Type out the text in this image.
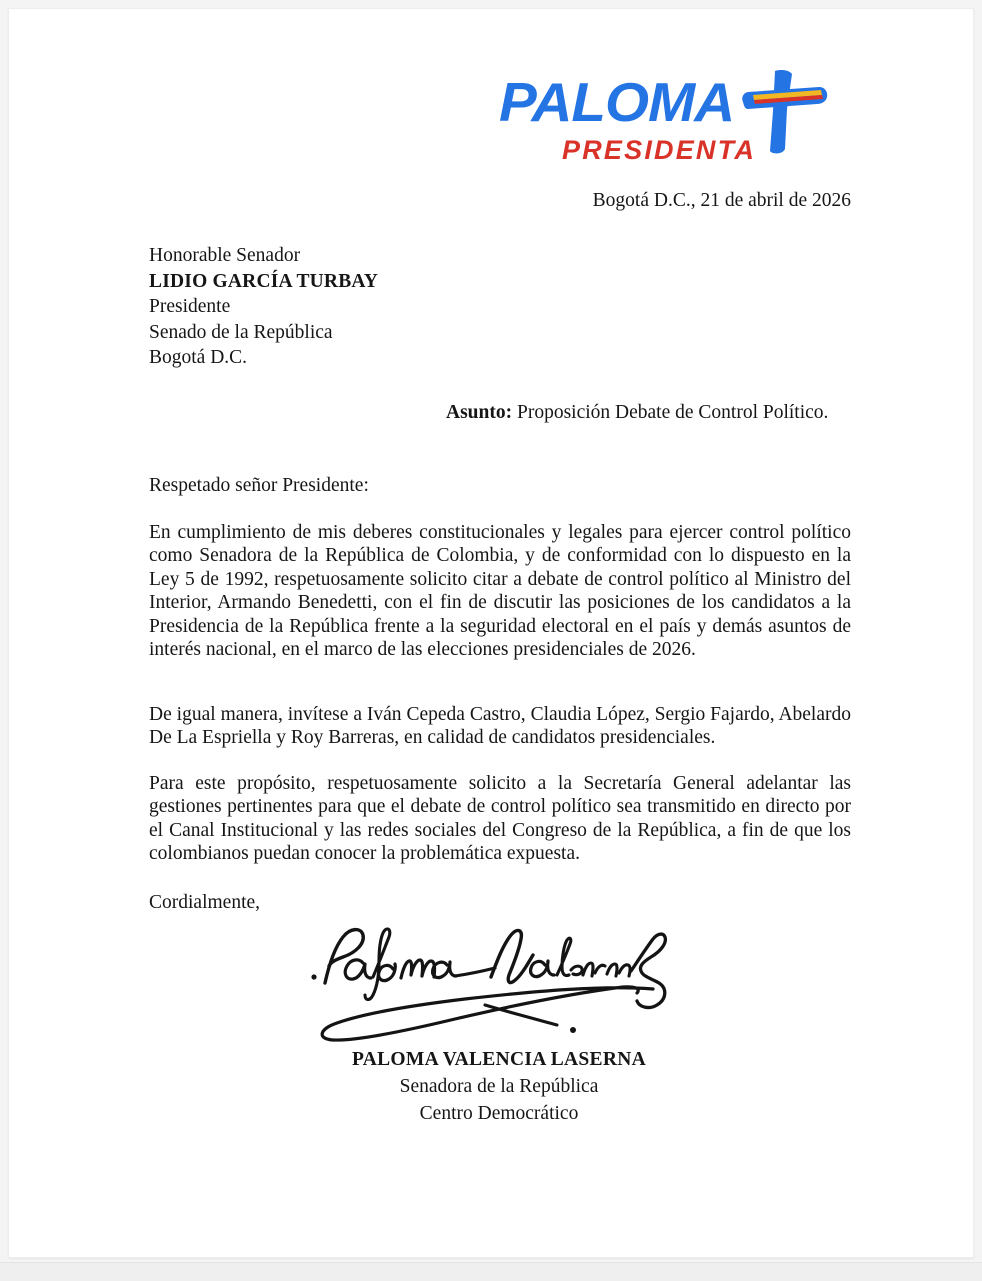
PALOMA
PRESIDENTA
Bogotá D.C., 21 de abril de 2026
Honorable Senador
LIDIO GARCÍA TURBAY
Presidente
Senado de la República
Bogotá D.C.
Asunto: Proposición Debate de Control Político.
Respetado señor Presidente:
En cumplimiento de mis deberes constitucionales y legales para ejercer control político como Senadora de la República de Colombia, y de conformidad con lo dispuesto en la Ley 5 de 1992, respetuosamente solicito citar a debate de control político al Ministro del Interior, Armando Benedetti, con el fin de discutir las posiciones de los candidatos a la Presidencia de la República frente a la seguridad electoral en el país y demás asuntos de interés nacional, en el marco de las elecciones presidenciales de 2026.
De igual manera, invítese a Iván Cepeda Castro, Claudia López, Sergio Fajardo, Abelardo De La Espriella y Roy Barreras, en calidad de candidatos presidenciales.
Para este propósito, respetuosamente solicito a la Secretaría General adelantar las gestiones pertinentes para que el debate de control político sea transmitido en directo por el Canal Institucional y las redes sociales del Congreso de la República, a fin de que los colombianos puedan conocer la problemática expuesta.
Cordialmente,
PALOMA VALENCIA LASERNA
Senadora de la República
Centro Democrático
